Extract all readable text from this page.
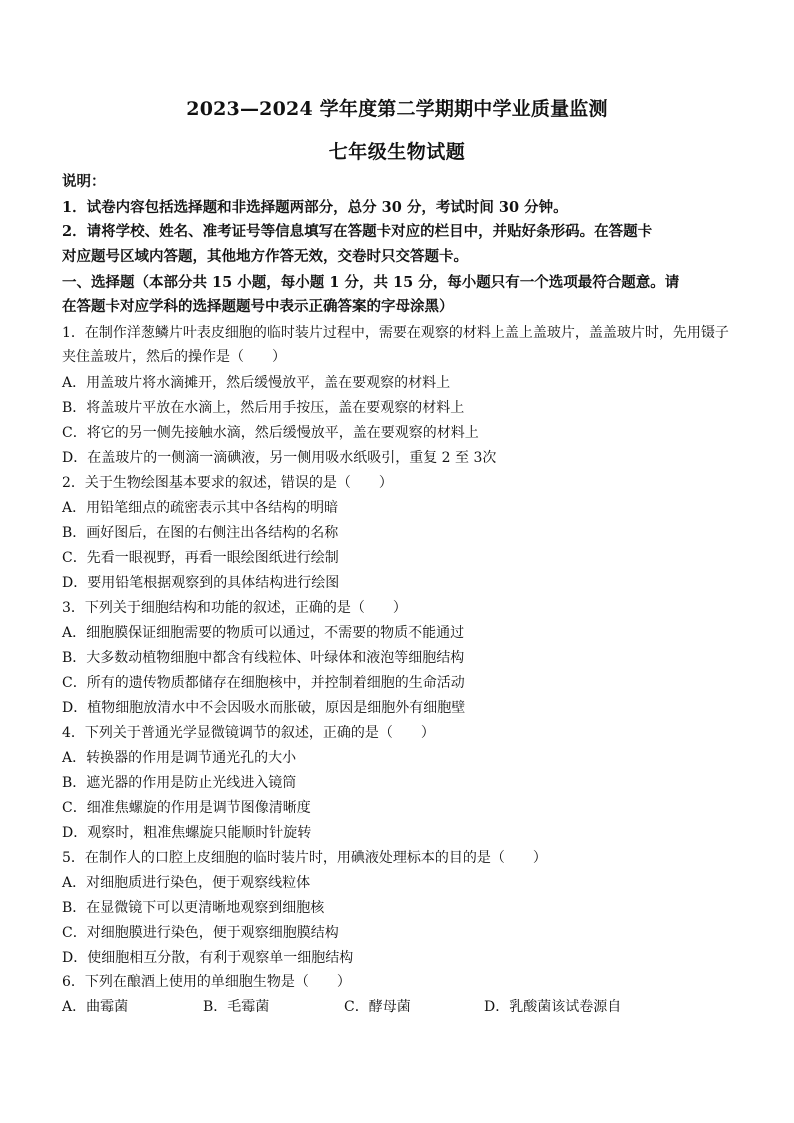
2023—2024 学年度第二学期期中学业质量监测
七年级生物试题
说明：
1．试卷内容包括选择题和非选择题两部分，总分 30 分，考试时间 30 分钟。
2．请将学校、姓名、准考证号等信息填写在答题卡对应的栏目中，并贴好条形码。在答题卡
对应题号区域内答题，其他地方作答无效，交卷时只交答题卡。
一、选择题（本部分共 15 小题，每小题 1 分，共 15 分，每小题只有一个选项最符合题意。请
在答题卡对应学科的选择题题号中表示正确答案的字母涂黑）
1．在制作洋葱鳞片叶表皮细胞的临时装片过程中，需要在观察的材料上盖上盖玻片，盖盖玻片时，先用镊子
夹住盖玻片，然后的操作是（　　）
A．用盖玻片将水滴摊开，然后缓慢放平，盖在要观察的材料上
B．将盖玻片平放在水滴上，然后用手按压，盖在要观察的材料上
C．将它的另一侧先接触水滴，然后缓慢放平，盖在要观察的材料上
D．在盖玻片的一侧滴一滴碘液，另一侧用吸水纸吸引，重复 2 至 3次
2．关于生物绘图基本要求的叙述，错误的是（　　）
A．用铅笔细点的疏密表示其中各结构的明暗
B．画好图后，在图的右侧注出各结构的名称
C．先看一眼视野，再看一眼绘图纸进行绘制
D．要用铅笔根据观察到的具体结构进行绘图
3．下列关于细胞结构和功能的叙述，正确的是（　　）
A．细胞膜保证细胞需要的物质可以通过，不需要的物质不能通过
B．大多数动植物细胞中都含有线粒体、叶绿体和液泡等细胞结构
C．所有的遗传物质都储存在细胞核中，并控制着细胞的生命活动
D．植物细胞放清水中不会因吸水而胀破，原因是细胞外有细胞壁
4．下列关于普通光学显微镜调节的叙述，正确的是（　　）
A．转换器的作用是调节通光孔的大小
B．遮光器的作用是防止光线进入镜筒
C．细准焦螺旋的作用是调节图像清晰度
D．观察时，粗准焦螺旋只能顺时针旋转
5．在制作人的口腔上皮细胞的临时装片时，用碘液处理标本的目的是（　　）
A．对细胞质进行染色，便于观察线粒体
B．在显微镜下可以更清晰地观察到细胞核
C．对细胞膜进行染色，便于观察细胞膜结构
D．使细胞相互分散，有利于观察单一细胞结构
6．下列在酿酒上使用的单细胞生物是（　　）
A．曲霉菌	B．毛霉菌	C．酵母菌	D．乳酸菌该试卷源自
